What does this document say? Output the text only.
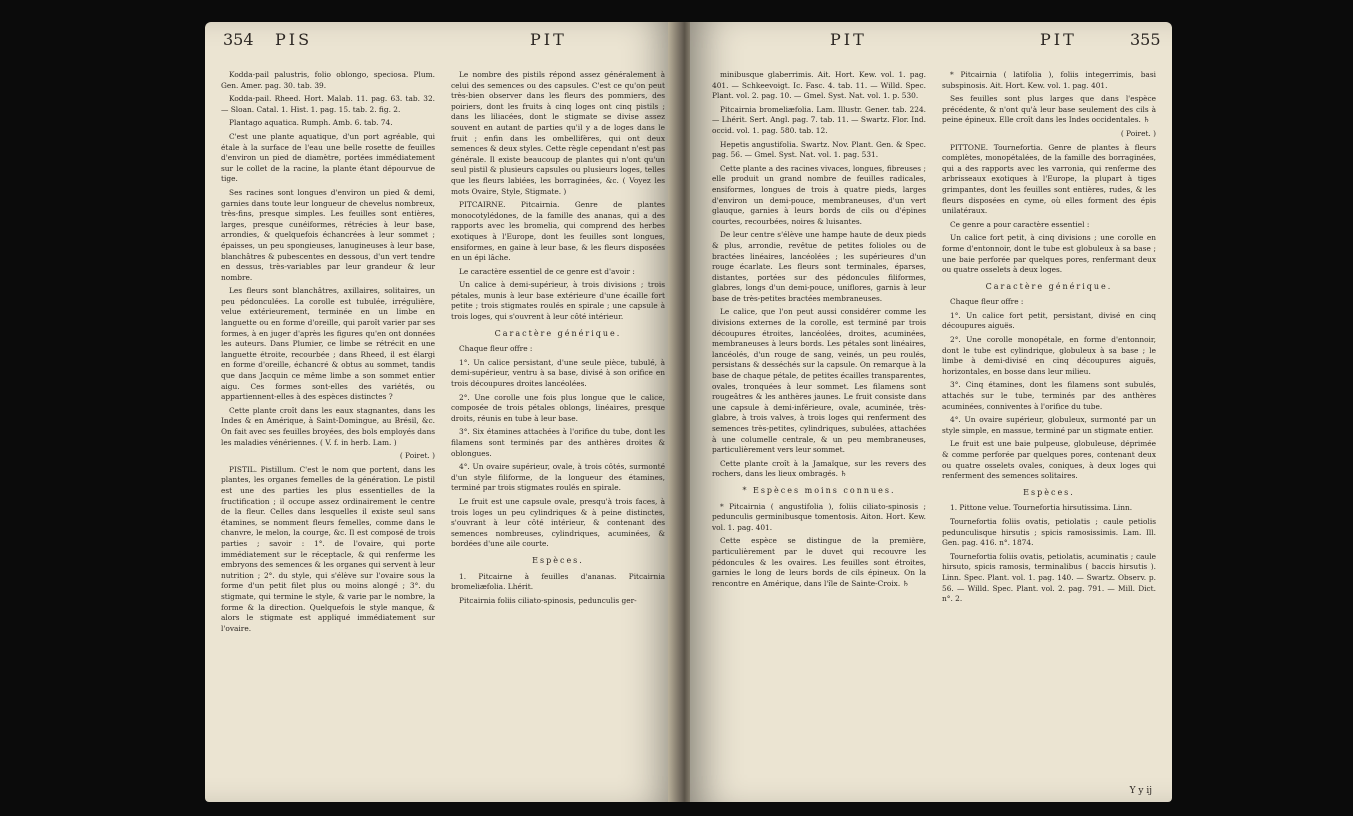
354 PIS	PIT

Kodda-pail palustris, folio oblongo, speciosa. Plum. Gen. Amer. pag. 30. tab. 39.

Kodda-pail. Rheed. Hort. Malab. 11. pag. 63. tab. 32. — Sloan. Catal. 1. Hist. 1. pag. 15. tab. 2. fig. 2.

Plantago aquatica. Rumph. Amb. 6. tab. 74.

C'est une plante aquatique, d'un port agréable, qui étale à la surface de l'eau une belle rosette de feuilles d'environ un pied de diamètre, portées immédiatement sur le collet de la racine, la plante étant dépourvue de tige.

Ses racines sont longues d'environ un pied & demi, garnies dans toute leur longueur de chevelus nombreux, très-fins, presque simples. Les feuilles sont entières, larges, presque cunéiformes, rétrécies à leur base, arrondies, & quelquefois échancrées à leur sommet ; épaisses, un peu spongieuses, lanugineuses à leur base, blanchâtres & pubescentes en dessous, d'un vert tendre en dessus, très-variables par leur grandeur & leur nombre.

Les fleurs sont blanchâtres, axillaires, solitaires, un peu pédonculées. La corolle est tubulée, irrégulière, velue extérieurement, terminée en un limbe en languette ou en forme d'oreille, qui paroît varier par ses formes, à en juger d'après les figures qu'en ont données les auteurs. Dans Plumier, ce limbe se rétrécit en une languette étroite, recourbée ; dans Rheed, il est élargi en forme d'oreille, échancré & obtus au sommet, tandis que dans Jacquin ce même limbe a son sommet entier aigu. Ces formes sont-elles des variétés, ou appartiennent-elles à des espèces distinctes ?

Cette plante croît dans les eaux stagnantes, dans les Indes & en Amérique, à Saint-Domingue, au Brésil, &c. On fait avec ses feuilles broyées, des bols employés dans les maladies vénériennes. ( V. f. in herb. Lam. )

( Poiret. )

PISTIL. Pistillum. C'est le nom que portent, dans les plantes, les organes femelles de la génération. Le pistil est une des parties les plus essentielles de la fructification ; il occupe assez ordinairement le centre de la fleur. Celles dans lesquelles il existe seul sans étamines, se nomment fleurs femelles, comme dans le chanvre, le melon, la courge, &c. Il est composé de trois parties ; savoir : 1°. de l'ovaire, qui porte immédiatement sur le réceptacle, & qui renferme les embryons des semences & les organes qui servent à leur nutrition ; 2°. du style, qui s'élève sur l'ovaire sous la forme d'un petit filet plus ou moins alongé ; 3°. du stigmate, qui termine le style, & varie par le nombre, la forme & la direction. Quelquefois le style manque, & alors le stigmate est appliqué immédiatement sur l'ovaire.

Le nombre des pistils répond assez généralement à celui des semences ou des capsules. C'est ce qu'on peut très-bien observer dans les fleurs des pommiers, des poiriers, dont les fruits à cinq loges ont cinq pistils ; dans les liliacées, dont le stigmate se divise assez souvent en autant de parties qu'il y a de loges dans le fruit ; enfin dans les ombellifères, qui ont deux semences & deux styles. Cette règle cependant n'est pas générale. Il existe beaucoup de plantes qui n'ont qu'un seul pistil & plusieurs capsules ou plusieurs loges, telles que les fleurs labiées, les borraginées, &c. ( Voyez les mots Ovaire, Style, Stigmate. )

PITCAIRNE. Pitcairnia. Genre de plantes monocotylédones, de la famille des ananas, qui a des rapports avec les bromelia, qui comprend des herbes exotiques à l'Europe, dont les feuilles sont longues, ensiformes, en gaine à leur base, & les fleurs disposées en un épi lâche.

Le caractère essentiel de ce genre est d'avoir :

Un calice à demi-supérieur, à trois divisions ; trois pétales, munis à leur base extérieure d'une écaille fort petite ; trois stigmates roulés en spirale ; une capsule à trois loges, qui s'ouvrent à leur côté intérieur.

Caractère générique.

Chaque fleur offre :

1°. Un calice persistant, d'une seule pièce, tubulé, à demi-supérieur, ventru à sa base, divisé à son orifice en trois découpures droites lancéolées.

2°. Une corolle une fois plus longue que le calice, composée de trois pétales oblongs, linéaires, presque droits, réunis en tube à leur base.

3°. Six étamines attachées à l'orifice du tube, dont les filamens sont terminés par des anthères droites & oblongues.

4°. Un ovaire supérieur, ovale, à trois côtés, surmonté d'un style filiforme, de la longueur des étamines, terminé par trois stigmates roulés en spirale.

Le fruit est une capsule ovale, presqu'à trois faces, à trois loges un peu cylindriques & à peine distinctes, s'ouvrant à leur côté intérieur, & contenant des semences nombreuses, cylindriques, acuminées, & bordées d'une aile courte.

Espèces.

1. Pitcairne à feuilles d'ananas. Pitcairnia bromeliæfolia. Lhérit.

Pitcairnia foliis ciliato-spinosis, pedunculis ger-

PIT	PIT	355

minibusque glaberrimis. Ait. Hort. Kew. vol. 1. pag. 401. — Schkeevoigt. Ic. Fasc. 4. tab. 11. — Willd. Spec. Plant. vol. 2. pag. 10. — Gmel. Syst. Nat. vol. 1. p. 530.

Pitcairnia bromeliæfolia. Lam. Illustr. Gener. tab. 224. — Lhérit. Sert. Angl. pag. 7. tab. 11. — Swartz. Flor. Ind. occid. vol. 1. pag. 580. tab. 12.

Hepetis angustifolia. Swartz. Nov. Plant. Gen. & Spec. pag. 56. — Gmel. Syst. Nat. vol. 1. pag. 531.

Cette plante a des racines vivaces, longues, fibreuses ; elle produit un grand nombre de feuilles radicales, ensiformes, longues de trois à quatre pieds, larges d'environ un demi-pouce, membraneuses, d'un vert glauque, garnies à leurs bords de cils ou d'épines courtes, recourbées, noires & luisantes.

De leur centre s'élève une hampe haute de deux pieds & plus, arrondie, revêtue de petites folioles ou de bractées linéaires, lancéolées ; les supérieures d'un rouge écarlate. Les fleurs sont terminales, éparses, distantes, portées sur des pédoncules filiformes, glabres, longs d'un demi-pouce, uniflores, garnis à leur base de très-petites bractées membraneuses.

Le calice, que l'on peut aussi considérer comme les divisions externes de la corolle, est terminé par trois découpures étroites, lancéolées, droites, acuminées, membraneuses à leurs bords. Les pétales sont linéaires, lancéolés, d'un rouge de sang, veinés, un peu roulés, persistans & desséchés sur la capsule. On remarque à la base de chaque pétale, de petites écailles transparentes, ovales, tronquées à leur sommet. Les filamens sont rougeâtres & les anthères jaunes. Le fruit consiste dans une capsule à demi-inférieure, ovale, acuminée, très-glabre, à trois valves, à trois loges qui renferment des semences très-petites, cylindriques, subulées, attachées à une columelle centrale, & un peu membraneuses, particulièrement vers leur sommet.

Cette plante croît à la Jamaïque, sur les revers des rochers, dans les lieux ombragés. ♄

* Espèces moins connues.

* Pitcairnia ( angustifolia ), foliis ciliato-spinosis ; pedunculis germinibusque tomentosis. Aiton. Hort. Kew. vol. 1. pag. 401.

Cette espèce se distingue de la première, particulièrement par le duvet qui recouvre les pédoncules & les ovaires. Les feuilles sont étroites, garnies le long de leurs bords de cils épineux. On la rencontre en Amérique, dans l'île de Sainte-Croix. ♄

* Pitcairnia ( latifolia ), foliis integerrimis, basi subspinosis. Ait. Hort. Kew. vol. 1. pag. 401.

Ses feuilles sont plus larges que dans l'espèce précédente, & n'ont qu'à leur base seulement des cils à peine épineux. Elle croît dans les Indes occidentales. ♄

( Poiret. )

PITTONE. Tournefortia. Genre de plantes à fleurs complètes, monopétalées, de la famille des borraginées, qui a des rapports avec les varronia, qui renferme des arbrisseaux exotiques à l'Europe, la plupart à tiges grimpantes, dont les feuilles sont entières, rudes, & les fleurs disposées en cyme, où elles forment des épis unilatéraux.

Ce genre a pour caractère essentiel :

Un calice fort petit, à cinq divisions ; une corolle en forme d'entonnoir, dont le tube est globuleux à sa base ; une baie perforée par quelques pores, renfermant deux ou quatre osselets à deux loges.

Caractère générique.

Chaque fleur offre :

1°. Un calice fort petit, persistant, divisé en cinq découpures aiguës.

2°. Une corolle monopétale, en forme d'entonnoir, dont le tube est cylindrique, globuleux à sa base ; le limbe à demi-divisé en cinq découpures aiguës, horizontales, en bosse dans leur milieu.

3°. Cinq étamines, dont les filamens sont subulés, attachés sur le tube, terminés par des anthères acuminées, conniventes à l'orifice du tube.

4°. Un ovaire supérieur, globuleux, surmonté par un style simple, en massue, terminé par un stigmate entier.

Le fruit est une baie pulpeuse, globuleuse, déprimée & comme perforée par quelques pores, contenant deux ou quatre osselets ovales, coniques, à deux loges qui renferment des semences solitaires.

Espèces.

1. Pittone velue. Tournefortia hirsutissima. Linn.

Tournefortia foliis ovatis, petiolatis ; caule petiolis pedunculisque hirsutis ; spicis ramosissimis. Lam. Ill. Gen. pag. 416. n°. 1874.

Tournefortia foliis ovatis, petiolatis, acuminatis ; caule hirsuto, spicis ramosis, terminalibus ( baccis hirsutis ). Linn. Spec. Plant. vol. 1. pag. 140. — Swartz. Observ. p. 56. — Willd. Spec. Plant. vol. 2. pag. 791. — Mill. Dict. n°. 2.

Y y ij
